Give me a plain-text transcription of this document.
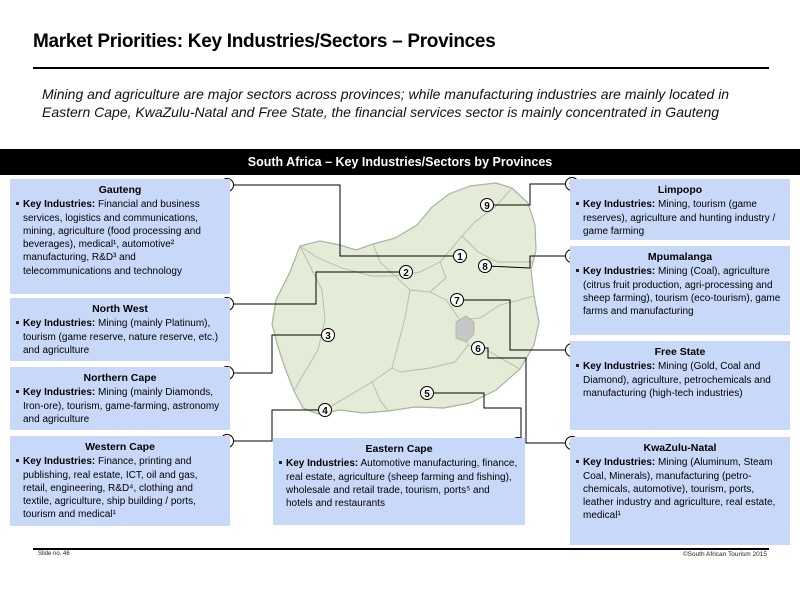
Market Priorities: Key Industries/Sectors – Provinces
Mining and agriculture are major sectors across provinces; while manufacturing industries are mainly located in Eastern Cape, KwaZulu-Natal and Free State, the financial services sector is mainly concentrated in Gauteng
South Africa – Key Industries/Sectors by Provinces
1
2
3
4
5
6
7
8
9
Gauteng
Key Industries: Financial and business services, logistics and communications, mining, agriculture (food processing and beverages), medical¹, automotive² manufacturing, R&D³ and telecommunications and technology
North West
Key Industries: Mining (mainly Platinum), tourism (game reserve, nature reserve, etc.) and agriculture
Northern Cape
Key Industries: Mining (mainly Diamonds, Iron-ore), tourism, game-farming, astronomy and agriculture
Western Cape
Key Industries: Finance, printing and publishing, real estate, ICT, oil and gas, retail, engineering, R&D⁴, clothing and textile, agriculture, ship building / ports, tourism and medical¹
Eastern Cape
Key Industries: Automotive manufacturing, finance, real estate, agriculture (sheep farming and fishing), wholesale and retail trade, tourism, ports⁵ and hotels and restaurants
Limpopo
Key Industries: Mining, tourism (game reserves), agriculture and hunting industry / game farming
Mpumalanga
Key Industries: Mining (Coal), agriculture (citrus fruit production, agri-processing and sheep farming), tourism (eco-tourism), game farms and manufacturing
Free State
Key Industries: Mining (Gold, Coal and Diamond), agriculture, petrochemicals and manufacturing (high-tech industries)
KwaZulu-Natal
Key Industries: Mining (Aluminum, Steam Coal, Minerals), manufacturing (petro-chemicals, automotive), tourism, ports, leather industry and agriculture, real estate, medical¹
Slide no. 46	©South African Tourism 2015
